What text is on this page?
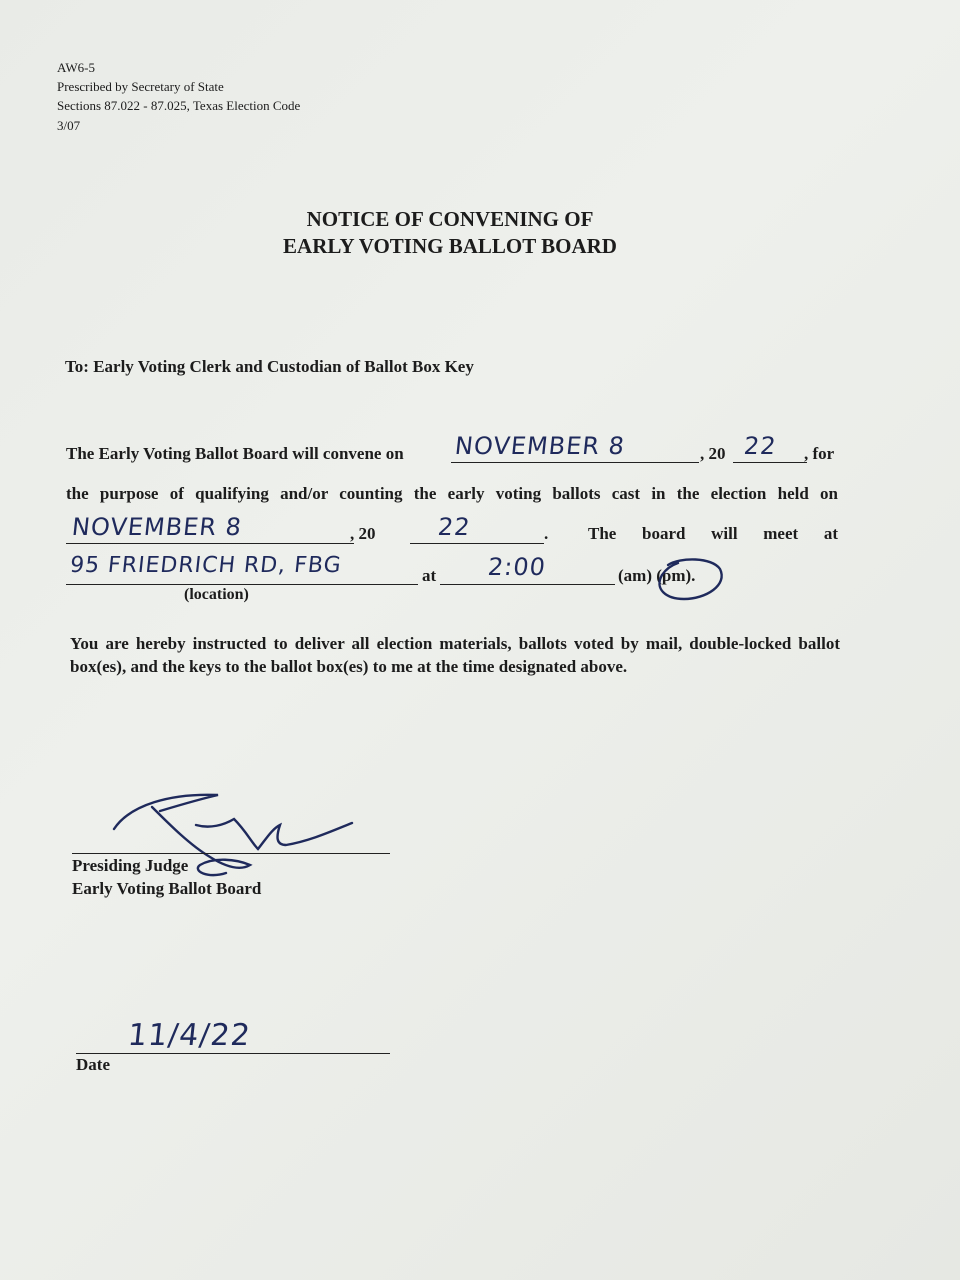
AW6-5
Prescribed by Secretary of State
Sections 87.022 - 87.025, Texas Election Code
3/07
NOTICE OF CONVENING OF
EARLY VOTING BALLOT BOARD
To: Early Voting Clerk and Custodian of Ballot Box Key
The Early Voting Ballot Board will convene on NOVEMBER 8	, 20 22 , for
the purpose of qualifying and/or counting the early voting ballots cast in the election held on
NOVEMBER 8	, 20	22	. The board will meet at
95 FRIEDRICH RD, FBG	at 2:00	(am) (pm).
(location)
You are hereby instructed to deliver all election materials, ballots voted by mail, double-locked ballot box(es), and the keys to the ballot box(es) to me at the time designated above.
Presiding Judge
Early Voting Ballot Board
11/4/22
Date
